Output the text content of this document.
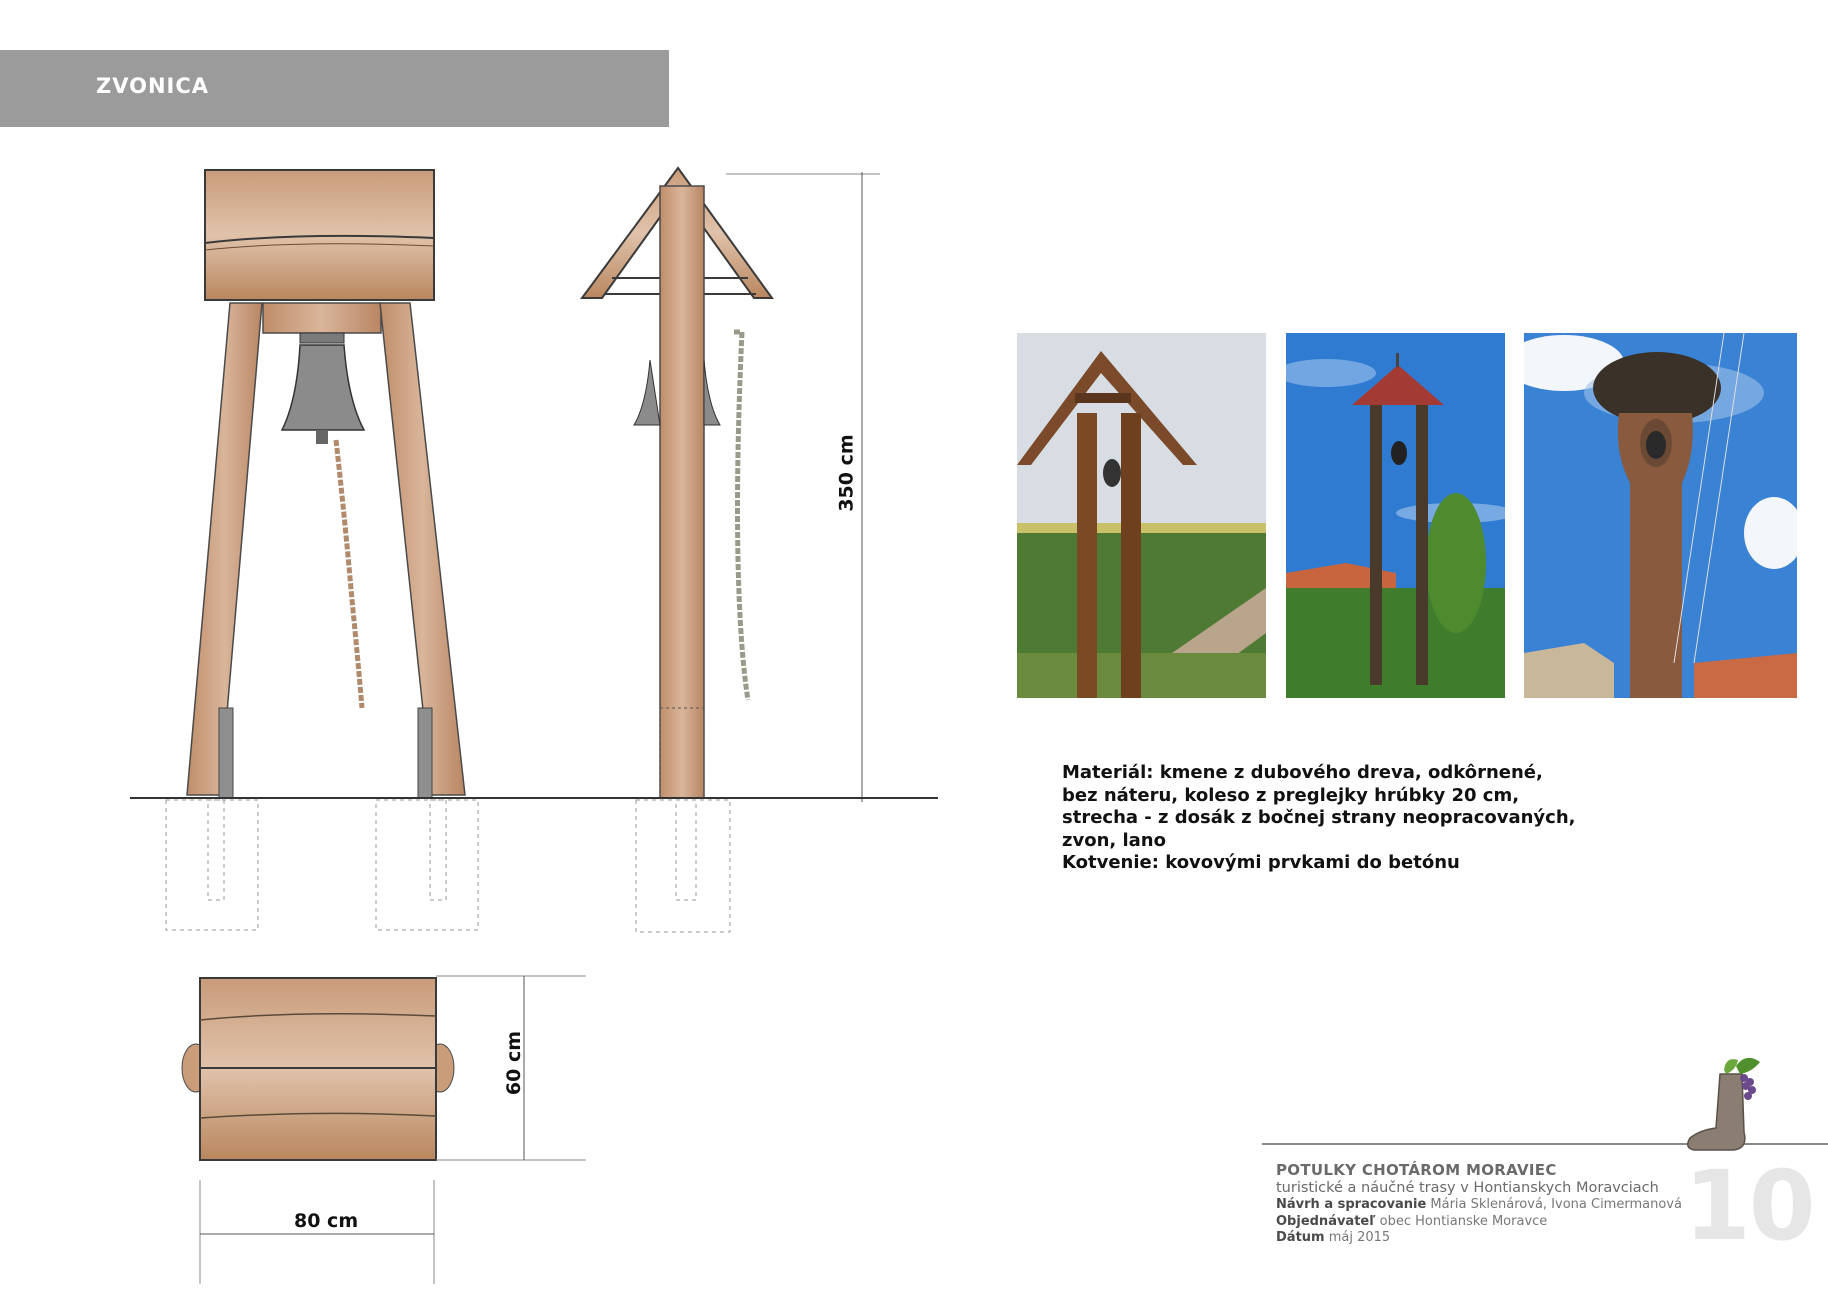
ZVONICA
350 cm
60 cm
80 cm
Materiál: kmene z dubového dreva, odkôrnené,
bez náteru, koleso z preglejky hrúbky 20 cm,
strecha - z dosák z bočnej strany neopracovaných,
zvon, lano
Kotvenie: kovovými prvkami do betónu
10
POTULKY CHOTÁROM MORAVIEC
turistické a náučné trasy v Hontianskych Moravciach
Návrh a spracovanie Mária Sklenárová, Ivona Cimermanová
Objednávateľ obec Hontianske Moravce
Dátum máj 2015
